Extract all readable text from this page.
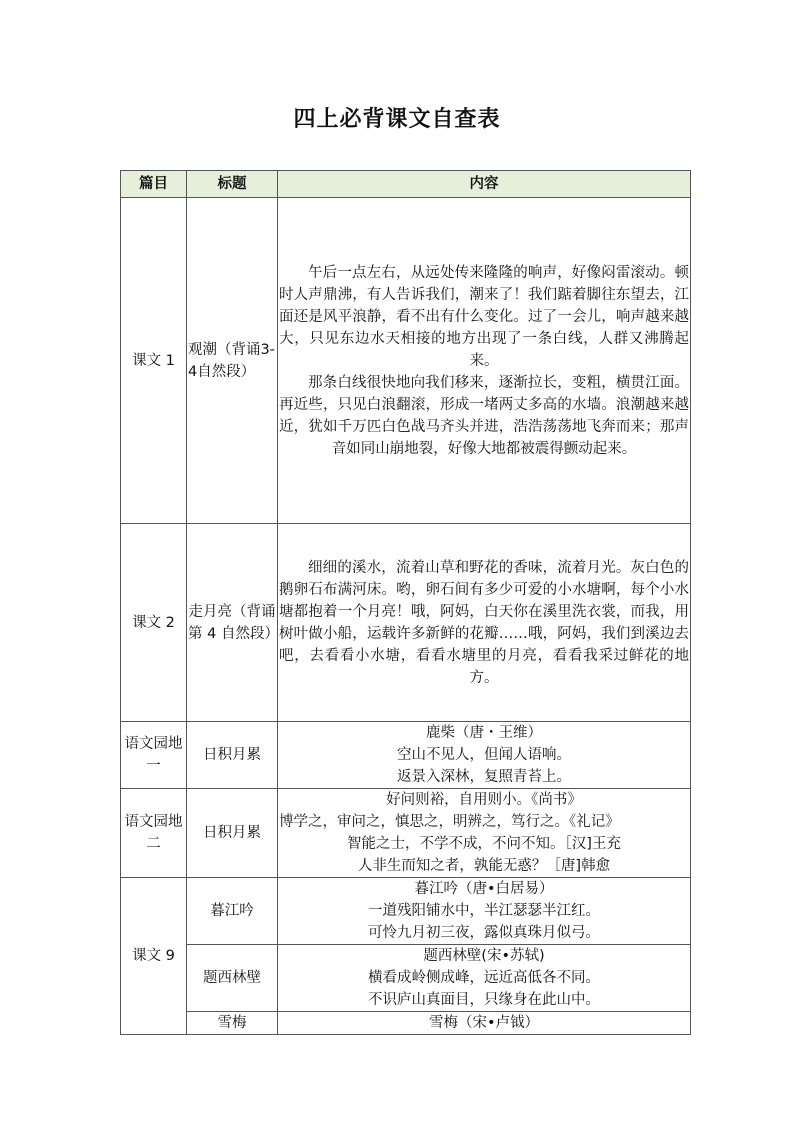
四上必背课文自查表
篇目	标题	内容
课文 1	观潮（背诵3-4自然段）	午后一点左右，从远处传来隆隆的响声，好像闷雷滚动。顿时人声鼎沸，有人告诉我们，潮来了！我们踮着脚往东望去，江面还是风平浪静，看不出有什么变化。过了一会儿，响声越来越大，只见东边水天相接的地方出现了一条白线，人群又沸腾起来。
那条白线很快地向我们移来，逐渐拉长，变粗，横贯江面。再近些，只见白浪翻滚，形成一堵两丈多高的水墙。浪潮越来越近，犹如千万匹白色战马齐头并进，浩浩荡荡地飞奔而来；那声音如同山崩地裂，好像大地都被震得颤动起来。

课文 2	走月亮（背诵第 4 自然段）	细细的溪水，流着山草和野花的香味，流着月光。灰白色的鹅卵石布满河床。哟，卵石间有多少可爱的小水塘啊，每个小水塘都抱着一个月亮！哦，阿妈，白天你在溪里洗衣裳，而我，用树叶做小船，运载许多新鲜的花瓣……哦，阿妈，我们到溪边去吧，去看看小水塘，看看水塘里的月亮，看看我采过鲜花的地方。

语文园地一	日积月累	鹿柴（唐・王维）
空山不见人，但闻人语响。
返景入深林，复照青苔上。

语文园地二	日积月累	好问则裕，自用则小。《尚书》
博学之，审问之，慎思之，明辨之，笃行之。《礼记》
智能之士，不学不成，不问不知。［汉]王充
人非生而知之者，孰能无惑？［唐]韩愈

课文 9	暮江吟	暮江吟（唐•白居易）
一道残阳铺水中，半江瑟瑟半江红。
可怜九月初三夜，露似真珠月似弓。

	题西林壁	题西林壁(宋•苏轼)
横看成岭侧成峰，远近高低各不同。
不识庐山真面目，只缘身在此山中。

	雪梅	雪梅（宋•卢钺）
